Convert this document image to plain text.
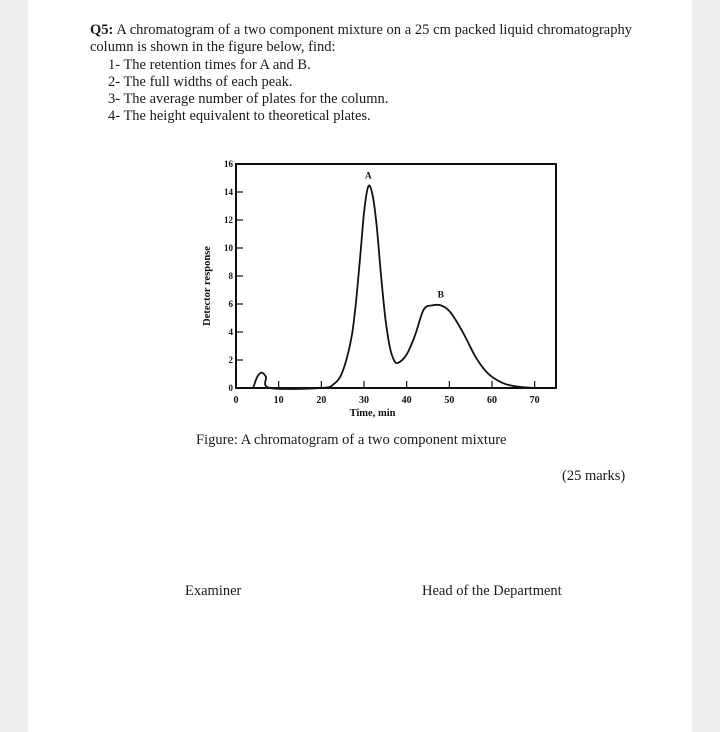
Q5: A chromatogram of a two component mixture on a 25 cm packed liquid chromatography column is shown in the figure below, find:
1- The retention times for A and B.
2- The full widths of each peak.
3- The average number of plates for the column.
4- The height equivalent to theoretical plates.
0
2
4
6
8
10
12
14
16
0	10	20	30	40	50	60	70
Time, min
Detector response
A
B
Figure: A chromatogram of a two component mixture
(25 marks)
Examiner	Head of the Department
